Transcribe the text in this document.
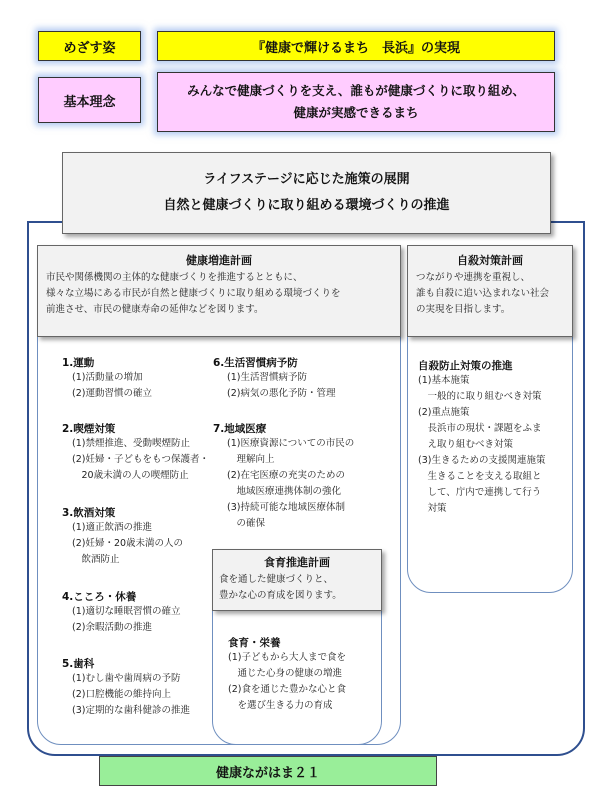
めざす姿	『健康で輝けるまち　長浜』の実現
基本理念
みんなで健康づくりを支え、誰もが健康づくりに取り組め、
健康が実感できるまち
ライフステージに応じた施策の展開
自然と健康づくりに取り組める環境づくりの推進
健康増進計画
市民や関係機関の主体的な健康づくりを推進するとともに、
様々な立場にある市民が自然と健康づくりに取り組める環境づくりを
前進させ、市民の健康寿命の延伸などを図ります。
自殺対策計画
つながりや連携を重視し、
誰も自殺に追い込まれない社会
の実現を目指します。
1.運動
(1)活動量の増加
(2)運動習慣の確立
2.喫煙対策
(1)禁煙推進、受動喫煙防止
(2)妊婦・子どもをもつ保護者・
　20歳未満の人の喫煙防止
3.飲酒対策
(1)適正飲酒の推進
(2)妊婦・20歳未満の人の
　飲酒防止
4.こころ・休養
(1)適切な睡眠習慣の確立
(2)余暇活動の推進
5.歯科
(1)むし歯や歯周病の予防
(2)口腔機能の維持向上
(3)定期的な歯科健診の推進
6.生活習慣病予防
(1)生活習慣病予防
(2)病気の悪化予防・管理
7.地域医療
(1)医療資源についての市民の
　理解向上
(2)在宅医療の充実のための
　地域医療連携体制の強化
(3)持続可能な地域医療体制
　の確保
食育推進計画
食を通した健康づくりと、
豊かな心の育成を図ります。
食育・栄養
(1)子どもから大人まで食を
　通じた心身の健康の増進
(2)食を通じた豊かな心と食
　を選び生きる力の育成
自殺防止対策の推進
(1)基本施策
　一般的に取り組むべき対策
(2)重点施策
　長浜市の現状・課題をふま
　え取り組むべき対策
(3)生きるための支援関連施策
　生きることを支える取組と
　して、庁内で連携して行う
　対策
健康ながはま２１
